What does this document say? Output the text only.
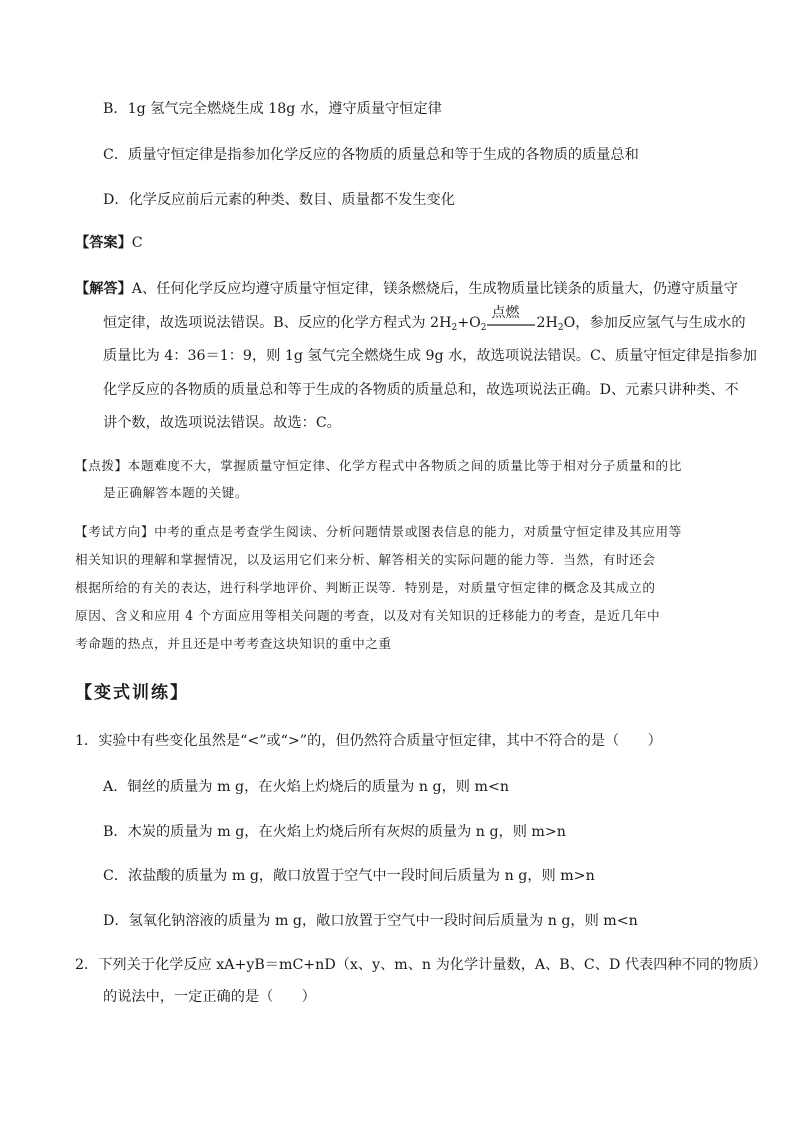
B．1g 氢气完全燃烧生成 18g 水，遵守质量守恒定律
C．质量守恒定律是指参加化学反应的各物质的质量总和等于生成的各物质的质量总和
D．化学反应前后元素的种类、数目、质量都不发生变化
【答案】C
【解答】A、任何化学反应均遵守质量守恒定律，镁条燃烧后，生成物质量比镁条的质量大，仍遵守质量守
恒定律，故选项说法错误。B、反应的化学方程式为 $2H_2+O_2$
点燃
$2H_2O$，参加反应氢气与生成水的
质量比为 4：36＝1：9，则 1g 氢气完全燃烧生成 9g 水，故选项说法错误。C、质量守恒定律是指参加
化学反应的各物质的质量总和等于生成的各物质的质量总和，故选项说法正确。D、元素只讲种类、不
讲个数，故选项说法错误。故选：C。
【点拨】本题难度不大，掌握质量守恒定律、化学方程式中各物质之间的质量比等于相对分子质量和的比
是正确解答本题的关键。
【考试方向】中考的重点是考查学生阅读、分析问题情景或图表信息的能力，对质量守恒定律及其应用等
相关知识的理解和掌握情况，以及运用它们来分析、解答相关的实际问题的能力等．当然，有时还会
根据所给的有关的表达，进行科学地评价、判断正误等．特别是，对质量守恒定律的概念及其成立的
原因、含义和应用 4 个方面应用等相关问题的考查，以及对有关知识的迁移能力的考查，是近几年中
考命题的热点，并且还是中考考查这块知识的重中之重
【变式训练】
1．实验中有些变化虽然是“<”或“>”的，但仍然符合质量守恒定律，其中不符合的是（　　）
A．铜丝的质量为 m g，在火焰上灼烧后的质量为 n g，则 m<n
B．木炭的质量为 m g，在火焰上灼烧后所有灰烬的质量为 n g，则 m>n
C．浓盐酸的质量为 m g，敞口放置于空气中一段时间后质量为 n g，则 m>n
D．氢氧化钠溶液的质量为 m g，敞口放置于空气中一段时间后质量为 n g，则 m<n
2．下列关于化学反应 xA+yB＝mC+nD（x、y、m、n 为化学计量数，A、B、C、D 代表四种不同的物质）
的说法中，一定正确的是（　　）
